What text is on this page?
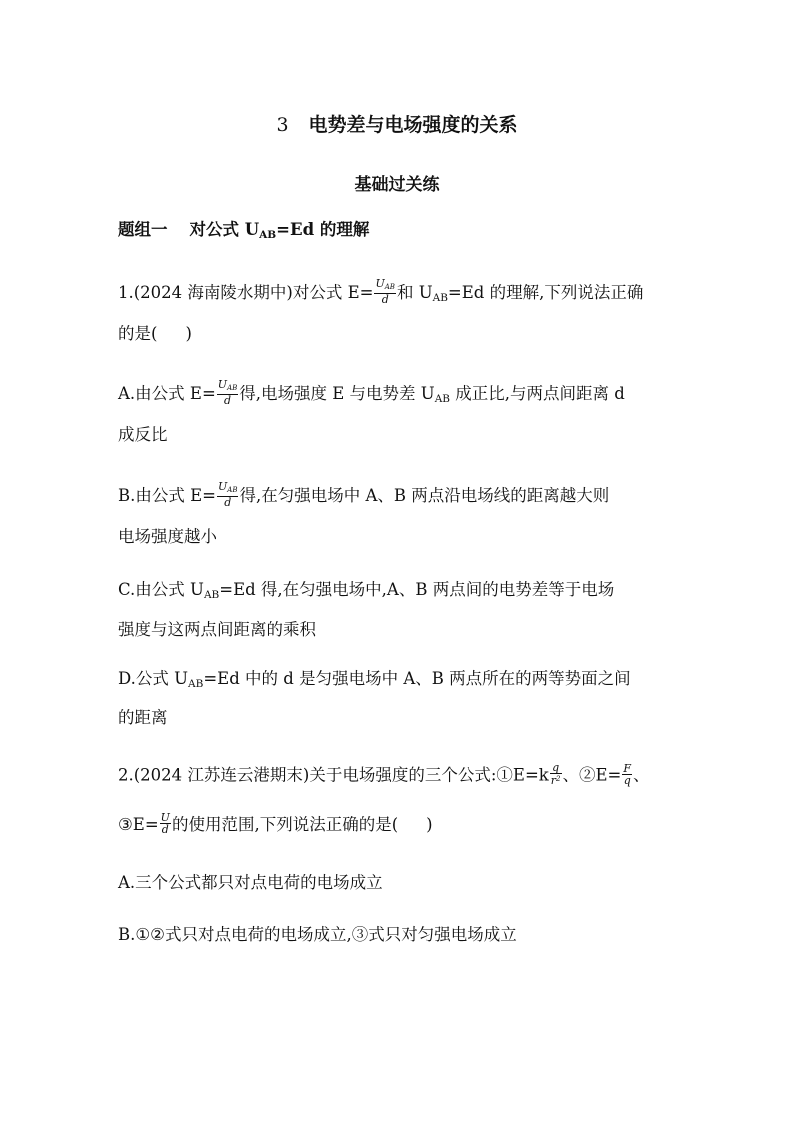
3 电势差与电场强度的关系
基础过关练
题组一 对公式 $U_{AB}=Ed$ 的理解
1.(2024 海南陵水期中)对公式 $E= \frac{U_{AB}}{d}$ 和 $U_{AB}=Ed$ 的理解,下列说法正确
的是( )
A.由公式 $E= \frac{U_{AB}}{d}$ 得,电场强度 E 与电势差 $U_{AB}$ 成正比,与两点间距离 d
成反比
B.由公式 $E= \frac{U_{AB}}{d}$ 得,在匀强电场中 A、B 两点沿电场线的距离越大则
电场强度越小
C.由公式 $U_{AB}=Ed$ 得,在匀强电场中,A、B 两点间的电势差等于电场
强度与这两点间距离的乘积
D.公式 $U_{AB}=Ed$ 中的 d 是匀强电场中 A、B 两点所在的两等势面之间
的距离
2.(2024 江苏连云港期末)关于电场强度的三个公式:①E=k $\frac{q}{r^2}$ 、②E= $\frac{F}{q}$ 、
③E= $\frac{U}{d}$ 的使用范围,下列说法正确的是( )
A.三个公式都只对点电荷的电场成立
B.①②式只对点电荷的电场成立,③式只对匀强电场成立
